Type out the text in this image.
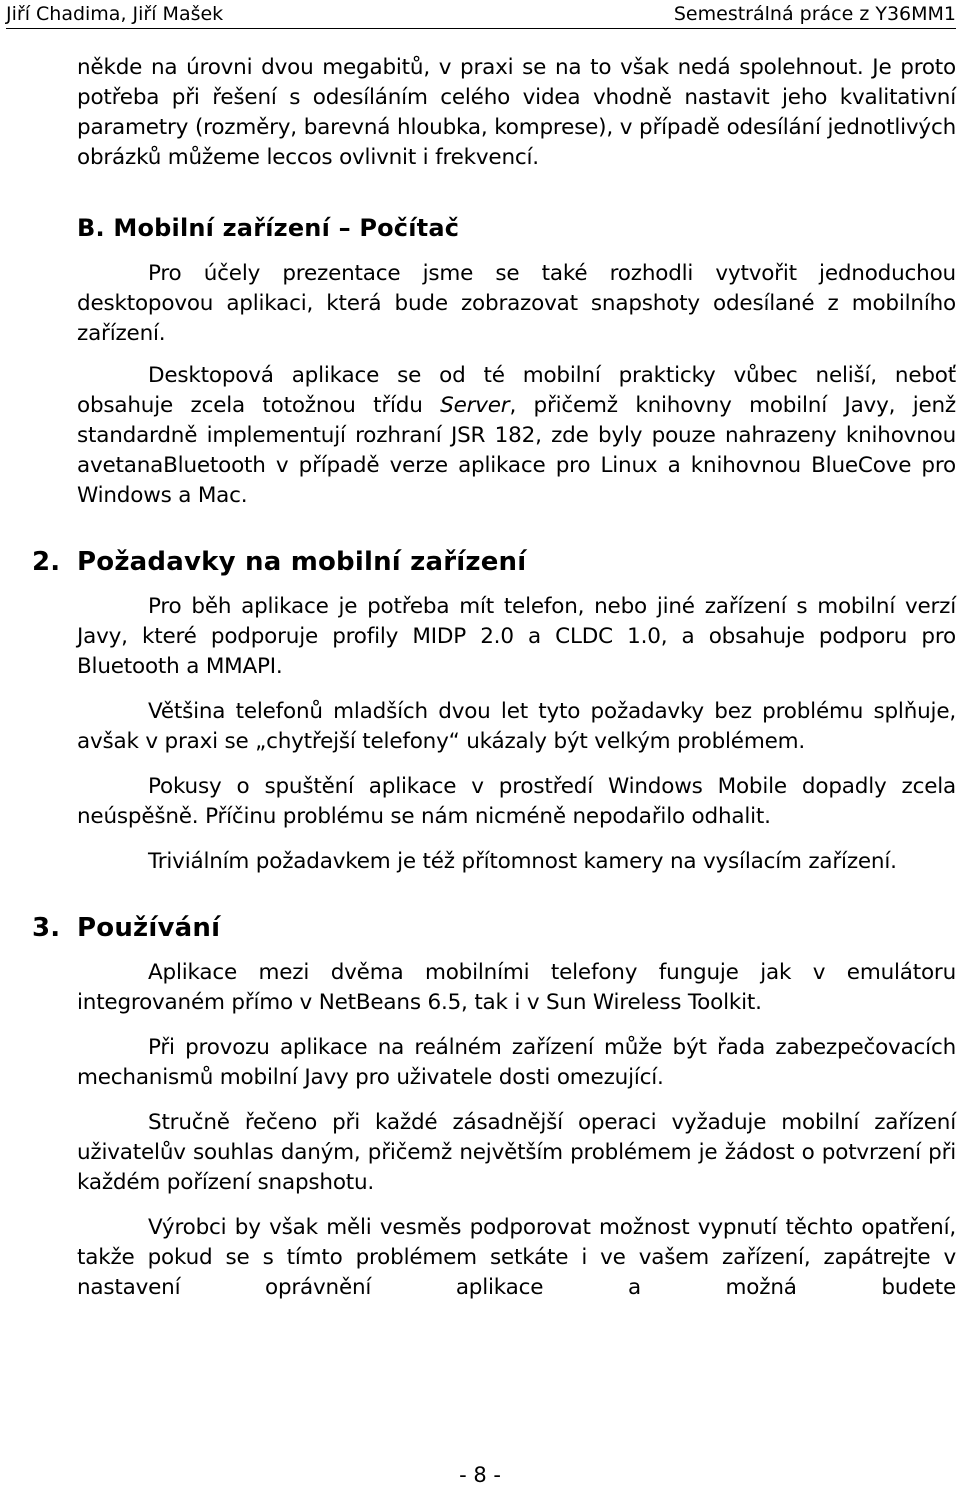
Jiří Chadima, Jiří Mašek	Semestrálná práce z Y36MM1

někde na úrovni dvou megabitů, v praxi se na to však nedá spolehnout. Je proto potřeba při řešení s odesíláním celého videa vhodně nastavit jeho kvalitativní parametry (rozměry, barevná hloubka, komprese), v případě odesílání jednotlivých obrázků můžeme leccos ovlivnit i frekvencí.

B. Mobilní zařízení – Počítač

Pro účely prezentace jsme se také rozhodli vytvořit jednoduchou desktopovou aplikaci, která bude zobrazovat snapshoty odesílané z mobilního zařízení.

Desktopová aplikace se od té mobilní prakticky vůbec neliší, neboť obsahuje zcela totožnou třídu Server, přičemž knihovny mobilní Javy, jenž standardně implementují rozhraní JSR 182, zde byly pouze nahrazeny knihovnou avetanaBluetooth v případě verze aplikace pro Linux a knihovnou BlueCove pro Windows a Mac.

2. Požadavky na mobilní zařízení

Pro běh aplikace je potřeba mít telefon, nebo jiné zařízení s mobilní verzí Javy, které podporuje profily MIDP 2.0 a CLDC 1.0, a obsahuje podporu pro Bluetooth a MMAPI.

Většina telefonů mladších dvou let tyto požadavky bez problému splňuje, avšak v praxi se „chytřejší telefony“ ukázaly být velkým problémem.

Pokusy o spuštění aplikace v prostředí Windows Mobile dopadly zcela neúspěšně. Příčinu problému se nám nicméně nepodařilo odhalit.

Triviálním požadavkem je též přítomnost kamery na vysílacím zařízení.

3. Používání

Aplikace mezi dvěma mobilními telefony funguje jak v emulátoru integrovaném přímo v NetBeans 6.5, tak i v Sun Wireless Toolkit.

Při provozu aplikace na reálném zařízení může být řada zabezpečovacích mechanismů mobilní Javy pro uživatele dosti omezující.

Stručně řečeno při každé zásadnější operaci vyžaduje mobilní zařízení uživatelův souhlas daným, přičemž největším problémem je žádost o potvrzení při každém pořízení snapshotu.

Výrobci by však měli vesměs podporovat možnost vypnutí těchto opatření, takže pokud se s tímto problémem setkáte i ve vašem zařízení, zapátrejte v nastavení oprávnění aplikace a možná budete

- 8 -
